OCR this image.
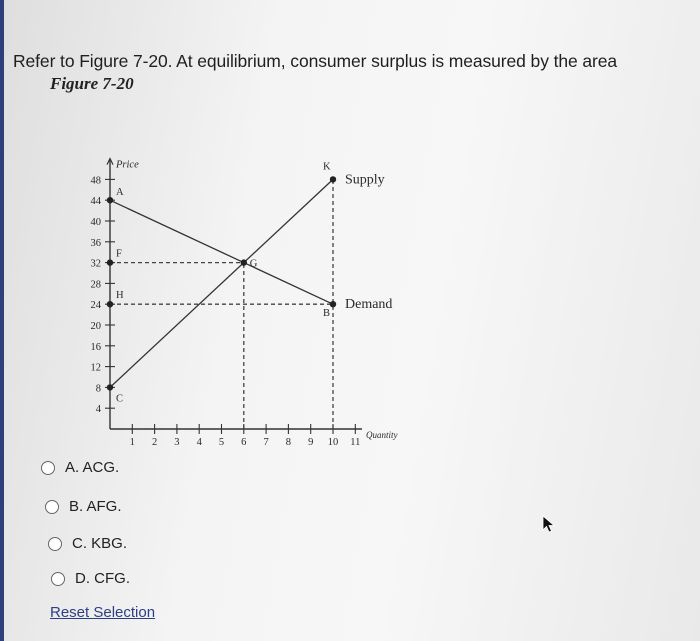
Refer to Figure 7-20. At equilibrium, consumer surplus is measured by the area
Figure 7-20
Price
Quantity
4
8
12
16
20
24
28
32
36
40
44
48
1 2 3 4 5 6 7 8 9 10 11
Supply
Demand
A
F
H
C
G
K
B
A. ACG.
B. AFG.
C. KBG.
D. CFG.
Reset Selection
